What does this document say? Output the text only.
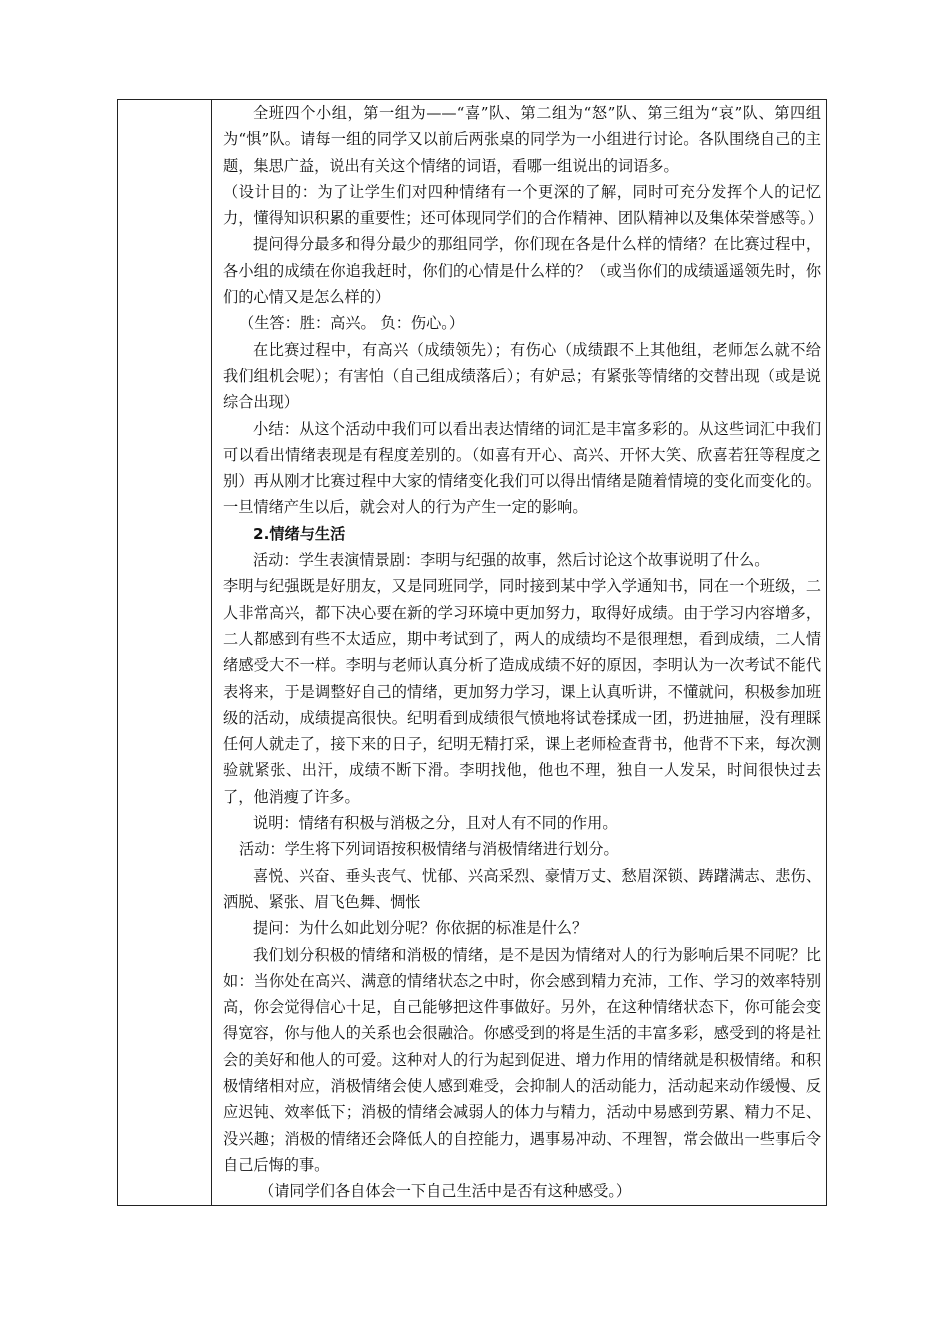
全班四个小组，第一组为——“喜”队、第二组为“怒”队、第三组为“哀”队、第四组为“惧”队。请每一组的同学又以前后两张桌的同学为一小组进行讨论。各队围绕自己的主题，集思广益，说出有关这个情绪的词语，看哪一组说出的词语多。

（设计目的：为了让学生们对四种情绪有一个更深的了解，同时可充分发挥个人的记忆力，懂得知识积累的重要性；还可体现同学们的合作精神、团队精神以及集体荣誉感等。）

提问得分最多和得分最少的那组同学，你们现在各是什么样的情绪？在比赛过程中，各小组的成绩在你追我赶时，你们的心情是什么样的？（或当你们的成绩遥遥领先时，你们的心情又是怎么样的）

（生答：胜：高兴。 负：伤心。）

在比赛过程中，有高兴（成绩领先）；有伤心（成绩跟不上其他组，老师怎么就不给我们组机会呢）；有害怕（自己组成绩落后）；有妒忌；有紧张等情绪的交替出现（或是说综合出现）

小结：从这个活动中我们可以看出表达情绪的词汇是丰富多彩的。从这些词汇中我们可以看出情绪表现是有程度差别的。（如喜有开心、高兴、开怀大笑、欣喜若狂等程度之别）再从刚才比赛过程中大家的情绪变化我们可以得出情绪是随着情境的变化而变化的。一旦情绪产生以后，就会对人的行为产生一定的影响。

2.情绪与生活

活动：学生表演情景剧：李明与纪强的故事，然后讨论这个故事说明了什么。

李明与纪强既是好朋友，又是同班同学，同时接到某中学入学通知书，同在一个班级，二人非常高兴，都下决心要在新的学习环境中更加努力，取得好成绩。由于学习内容增多，二人都感到有些不太适应，期中考试到了，两人的成绩均不是很理想，看到成绩，二人情绪感受大不一样。李明与老师认真分析了造成成绩不好的原因，李明认为一次考试不能代表将来，于是调整好自己的情绪，更加努力学习，课上认真听讲，不懂就问，积极参加班级的活动，成绩提高很快。纪明看到成绩很气愤地将试卷揉成一团，扔进抽屉，没有理睬任何人就走了，接下来的日子，纪明无精打采，课上老师检查背书，他背不下来，每次测验就紧张、出汗，成绩不断下滑。李明找他，他也不理，独自一人发呆，时间很快过去了，他消瘦了许多。

说明：情绪有积极与消极之分，且对人有不同的作用。

活动：学生将下列词语按积极情绪与消极情绪进行划分。

喜悦、兴奋、垂头丧气、忧郁、兴高采烈、豪情万丈、愁眉深锁、踌躇满志、悲伤、洒脱、紧张、眉飞色舞、惆怅

提问：为什么如此划分呢？你依据的标准是什么？

我们划分积极的情绪和消极的情绪，是不是因为情绪对人的行为影响后果不同呢？比如：当你处在高兴、满意的情绪状态之中时，你会感到精力充沛，工作、学习的效率特别高，你会觉得信心十足，自己能够把这件事做好。另外，在这种情绪状态下，你可能会变得宽容，你与他人的关系也会很融洽。你感受到的将是生活的丰富多彩，感受到的将是社会的美好和他人的可爱。这种对人的行为起到促进、增力作用的情绪就是积极情绪。和积极情绪相对应，消极情绪会使人感到难受，会抑制人的活动能力，活动起来动作缓慢、反应迟钝、效率低下；消极的情绪会减弱人的体力与精力，活动中易感到劳累、精力不足、没兴趣；消极的情绪还会降低人的自控能力，遇事易冲动、不理智，常会做出一些事后令自己后悔的事。

（请同学们各自体会一下自己生活中是否有这种感受。）
